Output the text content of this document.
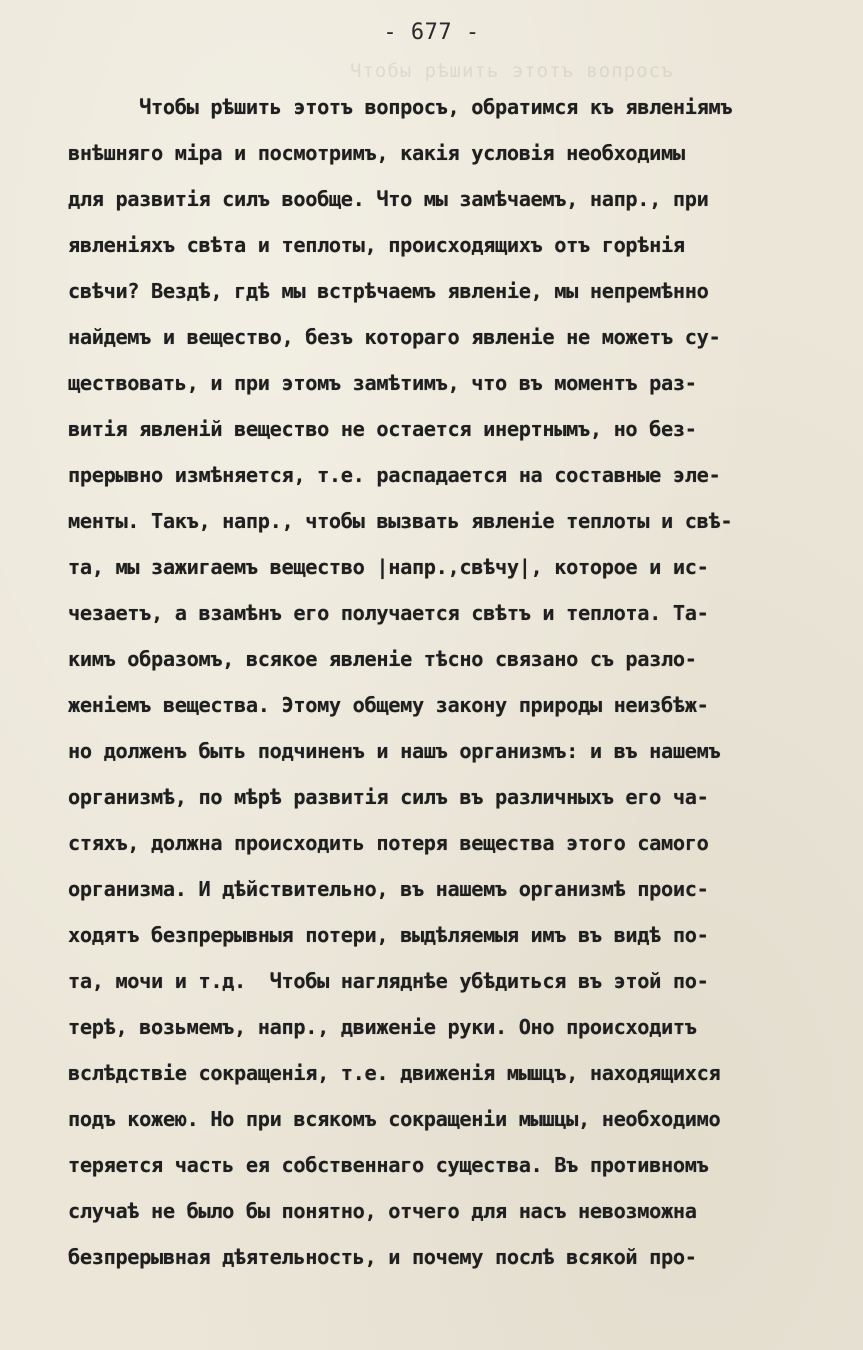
- 677 -
Чтобы рѣшить этотъ вопросъ
Чтобы рѣшить этотъ вопросъ, обратимся къ явленіямъ
внѣшняго міра и посмотримъ, какія условія необходимы
для развитія силъ вообще. Что мы замѣчаемъ, напр., при
явленіяхъ свѣта и теплоты, происходящихъ отъ горѣнія
свѣчи? Вездѣ, гдѣ мы встрѣчаемъ явленіе, мы непремѣнно
найдемъ и вещество, безъ котораго явленіе не можетъ су-
ществовать, и при этомъ замѣтимъ, что въ моментъ раз-
витія явленій вещество не остается инертнымъ, но без-
прерывно измѣняется, т.е. распадается на составные эле-
менты. Такъ, напр., чтобы вызвать явленіе теплоты и свѣ-
та, мы зажигаемъ вещество |напр.,свѣчу|, которое и ис-
чезаетъ, а взамѣнъ его получается свѣтъ и теплота. Та-
кимъ образомъ, всякое явленіе тѣсно связано съ разло-
женіемъ вещества. Этому общему закону природы неизбѣж-
но долженъ быть подчиненъ и нашъ организмъ: и въ нашемъ
организмѣ, по мѣрѣ развитія силъ въ различныхъ его ча-
стяхъ, должна происходить потеря вещества этого самого
организма. И дѣйствительно, въ нашемъ организмѣ проис-
ходятъ безпрерывныя потери, выдѣляемыя имъ въ видѣ по-
та, мочи и т.д.  Чтобы нагляднѣе убѣдиться въ этой по-
терѣ, возьмемъ, напр., движеніе руки. Оно происходитъ
вслѣдствіе сокращенія, т.е. движенія мышцъ, находящихся
подъ кожею. Но при всякомъ сокращеніи мышцы, необходимо
теряется часть ея собственнаго существа. Въ противномъ
случаѣ не было бы понятно, отчего для насъ невозможна
безпрерывная дѣятельность, и почему послѣ всякой про-
